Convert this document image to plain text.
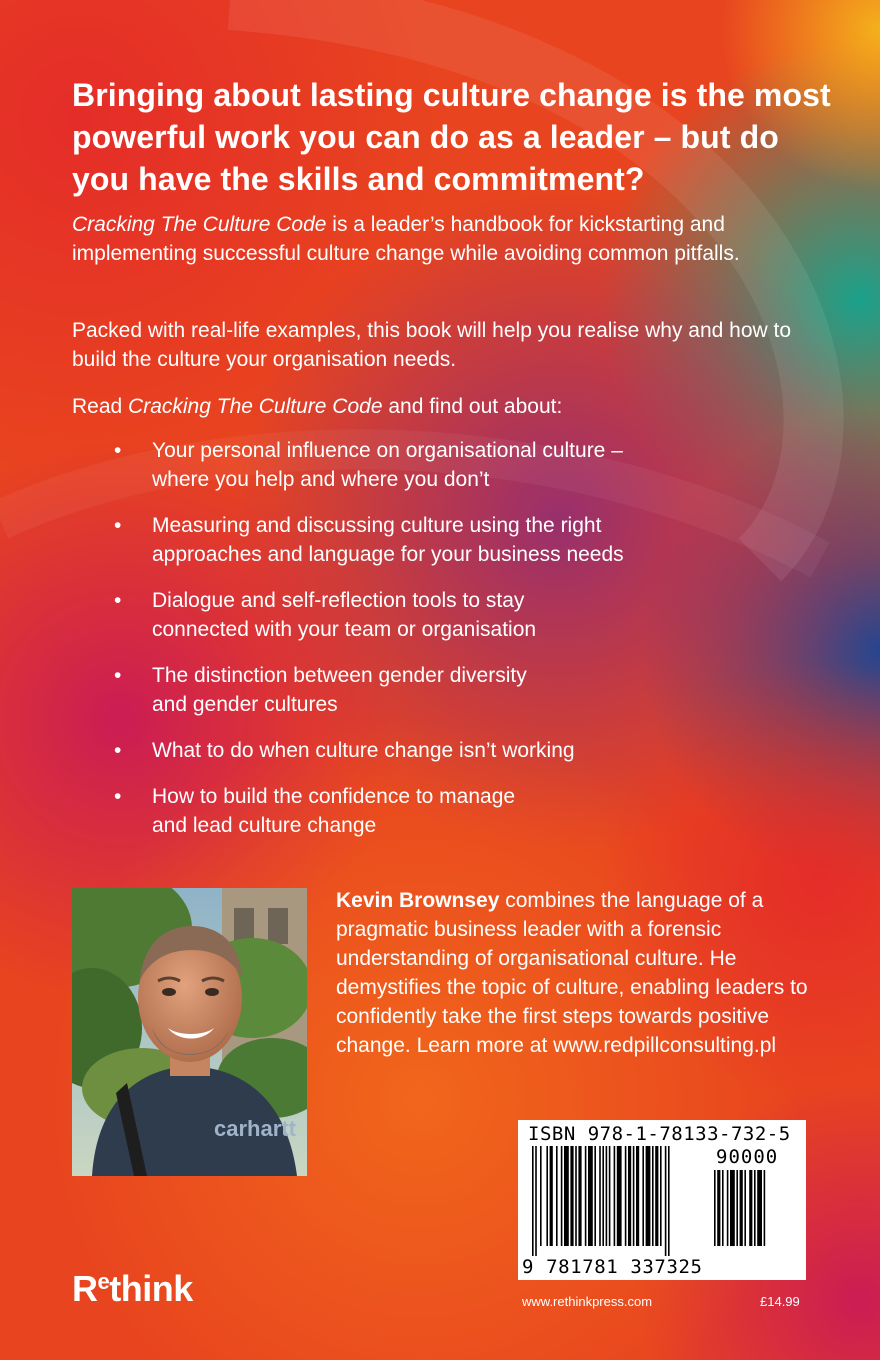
Bringing about lasting culture change is the most powerful work you can do as a leader – but do you have the skills and commitment?

Cracking The Culture Code is a leader’s handbook for kickstarting and implementing successful culture change while avoiding common pitfalls.

Packed with real-life examples, this book will help you realise why and how to build the culture your organisation needs.

Read Cracking The Culture Code and find out about:

• Your personal influence on organisational culture –
where you help and where you don’t
• Measuring and discussing culture using the right
approaches and language for your business needs
• Dialogue and self-reflection tools to stay
connected with your team or organisation
• The distinction between gender diversity
and gender cultures
• What to do when culture change isn’t working
• How to build the confidence to manage
and lead culture change
carhartt

Kevin Brownsey combines the language of a pragmatic business leader with a forensic understanding of organisational culture. He demystifies the topic of culture, enabling leaders to confidently take the first steps towards positive change. Learn more at www.redpillconsulting.pl

ISBN 978-1-78133-732-5
90000
9 781781 337325
$R^ethink$	www.rethinkpress.com	£14.99
